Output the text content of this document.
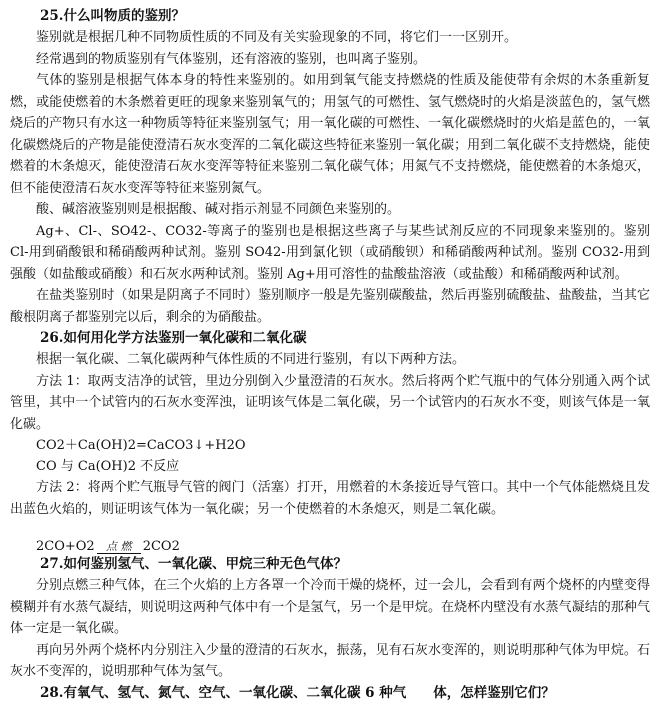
25.什么叫物质的鉴别？

鉴别就是根据几种不同物质性质的不同及有关实验现象的不同，将它们一一区别开。

经常遇到的物质鉴别有气体鉴别，还有溶液的鉴别，也叫离子鉴别。

气体的鉴别是根据气体本身的特性来鉴别的。如用到氧气能支持燃烧的性质及能使带有余烬的木条重新复燃，或能使燃着的木条燃着更旺的现象来鉴别氧气的；用氢气的可燃性、氢气燃烧时的火焰是淡蓝色的，氢气燃烧后的产物只有水这一种物质等特征来鉴别氢气；用一氧化碳的可燃性、一氧化碳燃烧时的火焰是蓝色的，一氧化碳燃烧后的产物是能使澄清石灰水变浑的二氧化碳这些特征来鉴别一氧化碳；用到二氧化碳不支持燃烧，能使燃着的木条熄灭，能使澄清石灰水变浑等特征来鉴别二氧化碳气体；用氮气不支持燃烧，能使燃着的木条熄灭，但不能使澄清石灰水变浑等特征来鉴别氮气。

酸、碱溶液鉴别则是根据酸、碱对指示剂显不同颜色来鉴别的。

Ag+、Cl-、SO42-、CO32-等离子的鉴别也是根据这些离子与某些试剂反应的不同现象来鉴别的。鉴别 Cl-用到硝酸银和稀硝酸两种试剂。鉴别 SO42-用到氯化钡（或硝酸钡）和稀硝酸两种试剂。鉴别 CO32-用到强酸（如盐酸或硝酸）和石灰水两种试剂。鉴别 Ag+用可溶性的盐酸盐溶液（或盐酸）和稀硝酸两种试剂。

在盐类鉴别时（如果是阴离子不同时）鉴别顺序一般是先鉴别碳酸盐，然后再鉴别硫酸盐、盐酸盐，当其它酸根阴离子都鉴别完以后，剩余的为硝酸盐。

26.如何用化学方法鉴别一氧化碳和二氧化碳

根据一氧化碳、二氧化碳两种气体性质的不同进行鉴别，有以下两种方法。

方法 1：取两支洁净的试管，里边分别倒入少量澄清的石灰水。然后将两个贮气瓶中的气体分别通入两个试管里，其中一个试管内的石灰水变浑浊，证明该气体是二氧化碳，另一个试管内的石灰水不变，则该气体是一氧化碳。

CO2＋Ca(OH)2=CaCO3↓+H2O
CO 与 Ca(OH)2 不反应

方法 2：将两个贮气瓶导气管的阀门（活塞）打开，用燃着的木条接近导气管口。其中一个气体能燃烧且发出蓝色火焰的，则证明该气体为一氧化碳；另一个使燃着的木条熄灭，则是二氧化碳。

2CO+O2 点 燃 2CO2
27.如何鉴别氢气、一氧化碳、甲烷三种无色气体？

分别点燃三种气体，在三个火焰的上方各罩一个冷而干燥的烧杯，过一会儿，会看到有两个烧杯的内壁变得模糊并有水蒸气凝结，则说明这两种气体中有一个是氢气，另一个是甲烷。在烧杯内壁没有水蒸气凝结的那种气体一定是一氧化碳。

再向另外两个烧杯内分别注入少量的澄清的石灰水，振荡，见有石灰水变浑的，则说明那种气体为甲烷。石灰水不变浑的，说明那种气体为氢气。

28.有氧气、氢气、氮气、空气、一氧化碳、二氧化碳 6 种气　　体，怎样鉴别它们？
